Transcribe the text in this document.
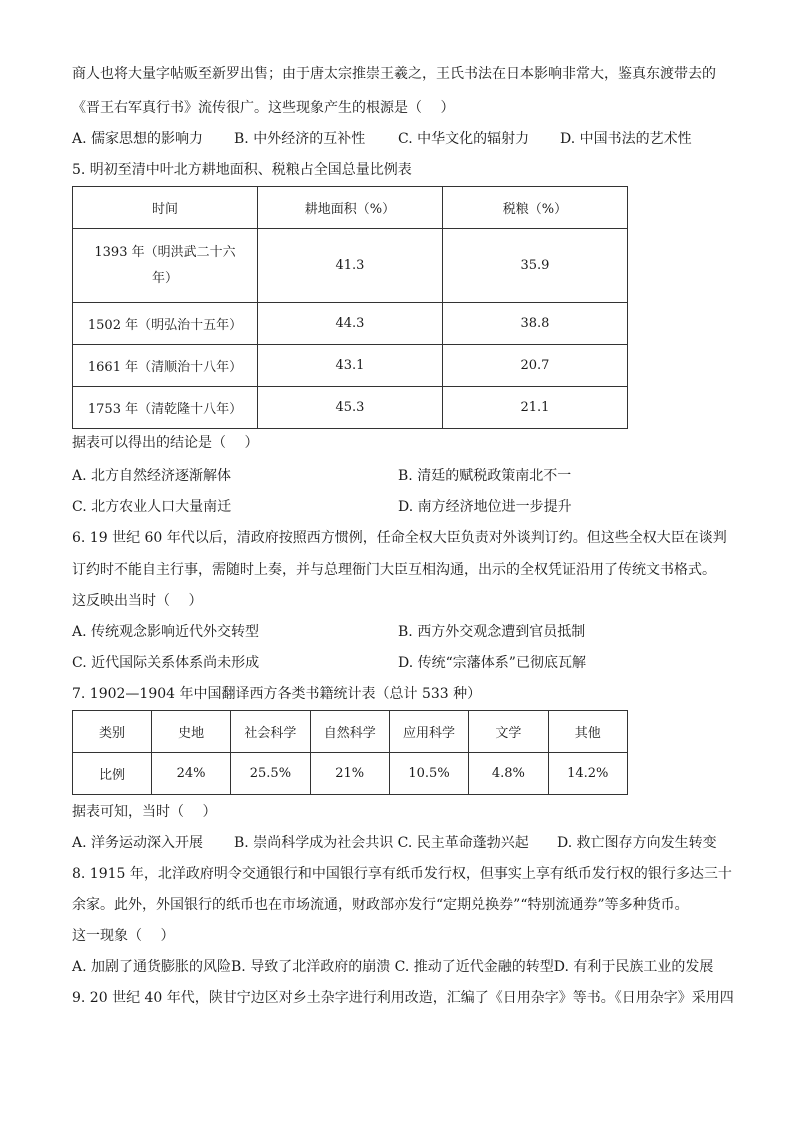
商人也将大量字帖贩至新罗出售；由于唐太宗推崇王羲之，王氏书法在日本影响非常大，鉴真东渡带去的
《晋王右军真行书》流传很广。这些现象产生的根源是（　 ）
A. 儒家思想的影响力 B. 中外经济的互补性 C. 中华文化的辐射力 D. 中国书法的艺术性
5. 明初至清中叶北方耕地面积、税粮占全国总量比例表
时间	耕地面积（%）	税粮（%）

1393 年（明洪武二十六
年）	41.3	35.9
1502 年（明弘治十五年）	44.3	38.8
1661 年（清顺治十八年）	43.1	20.7
1753 年（清乾隆十八年）	45.3	21.1
据表可以得出的结论是（　 ）
A. 北方自然经济逐渐解体	B. 清廷的赋税政策南北不一
C. 北方农业人口大量南迁	D. 南方经济地位进一步提升
6. 19 世纪 60 年代以后，清政府按照西方惯例，任命全权大臣负责对外谈判订约。但这些全权大臣在谈判
订约时不能自主行事，需随时上奏，并与总理衙门大臣互相沟通，出示的全权凭证沿用了传统文书格式。
这反映出当时（　 ）
A. 传统观念影响近代外交转型	B. 西方外交观念遭到官员抵制
C. 近代国际关系体系尚未形成	D. 传统“宗藩体系”已彻底瓦解
7. 1902—1904 年中国翻译西方各类书籍统计表（总计 533 种）
类别	史地	社会科学	自然科学	应用科学	文学	其他
比例	24%	25.5%	21%	10.5%	4.8%	14.2%
据表可知，当时（　 ）
A. 洋务运动深入开展 B. 崇尚科学成为社会共识 C. 民主革命蓬勃兴起 D. 救亡图存方向发生转变
8. 1915 年，北洋政府明令交通银行和中国银行享有纸币发行权，但事实上享有纸币发行权的银行多达三十
余家。此外，外国银行的纸币也在市场流通，财政部亦发行“定期兑换券”“特别流通券”等多种货币。
这一现象（　 ）
A. 加剧了通货膨胀的风险B. 导致了北洋政府的崩溃 C. 推动了近代金融的转型D. 有利于民族工业的发展
9. 20 世纪 40 年代，陕甘宁边区对乡土杂字进行利用改造，汇编了《日用杂字》等书。《日用杂字》采用四
